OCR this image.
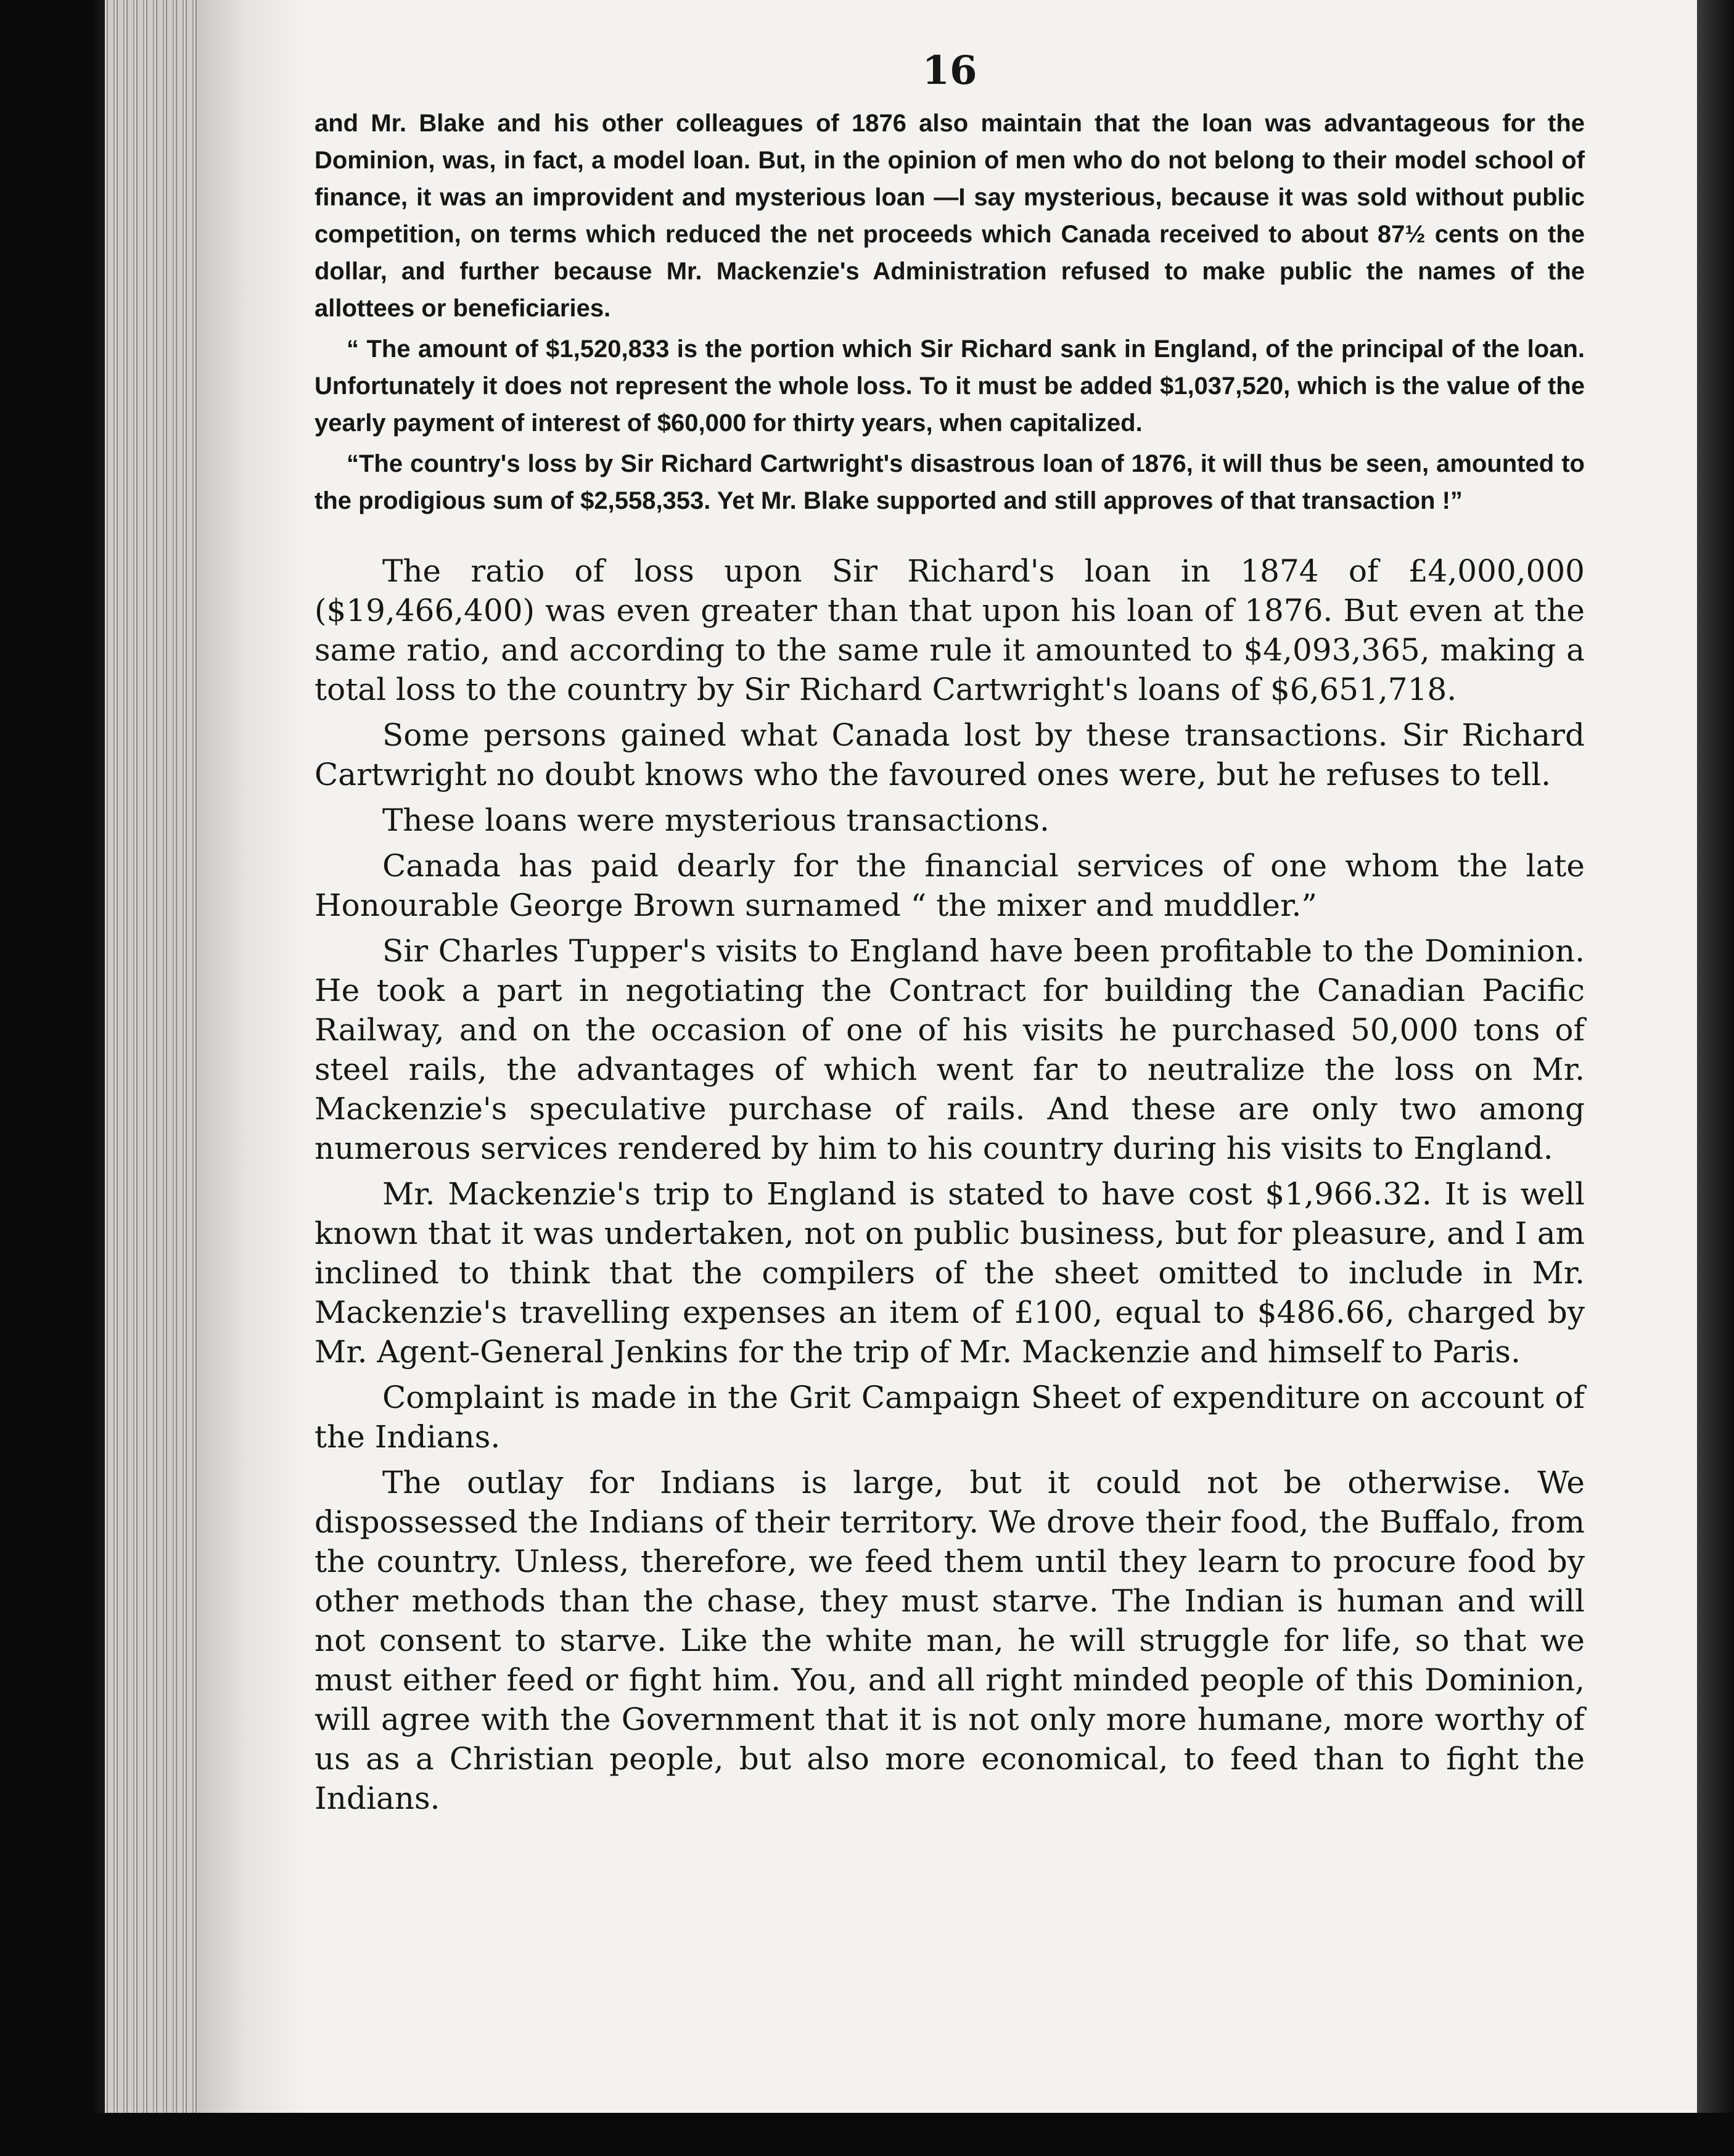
16

and Mr. Blake and his other colleagues of 1876 also maintain that the loan was advantageous for the Dominion, was, in fact, a model loan. But, in the opinion of men who do not belong to their model school of finance, it was an improvident and mysterious loan —I say mysterious, because it was sold without public competition, on terms which reduced the net proceeds which Canada received to about 87½ cents on the dollar, and further because Mr. Mackenzie's Administration refused to make public the names of the allottees or beneficiaries.

“ The amount of $1,520,833 is the portion which Sir Richard sank in England, of the principal of the loan. Unfortunately it does not represent the whole loss. To it must be added $1,037,520, which is the value of the yearly payment of interest of $60,000 for thirty years, when capitalized.

“The country's loss by Sir Richard Cartwright's disastrous loan of 1876, it will thus be seen, amounted to the prodigious sum of $2,558,353. Yet Mr. Blake supported and still approves of that transaction !”

The ratio of loss upon Sir Richard's loan in 1874 of £4,000,000 ($19,466,400) was even greater than that upon his loan of 1876. But even at the same ratio, and according to the same rule it amounted to $4,093,365, making a total loss to the country by Sir Richard Cartwright's loans of $6,651,718.

Some persons gained what Canada lost by these transactions. Sir Richard Cartwright no doubt knows who the favoured ones were, but he refuses to tell.

These loans were mysterious transactions.

Canada has paid dearly for the financial services of one whom the late Honourable George Brown surnamed “ the mixer and muddler.”

Sir Charles Tupper's visits to England have been profitable to the Dominion. He took a part in negotiating the Contract for building the Canadian Pacific Railway, and on the occasion of one of his visits he purchased 50,000 tons of steel rails, the advantages of which went far to neutralize the loss on Mr. Mackenzie's speculative purchase of rails. And these are only two among numerous services rendered by him to his country during his visits to England.

Mr. Mackenzie's trip to England is stated to have cost $1,966.32. It is well known that it was undertaken, not on public business, but for pleasure, and I am inclined to think that the compilers of the sheet omitted to include in Mr. Mackenzie's travelling expenses an item of £100, equal to $486.66, charged by Mr. Agent-General Jenkins for the trip of Mr. Mackenzie and himself to Paris.

Complaint is made in the Grit Campaign Sheet of expenditure on account of the Indians.

The outlay for Indians is large, but it could not be otherwise. We dispossessed the Indians of their territory. We drove their food, the Buffalo, from the country. Unless, therefore, we feed them until they learn to procure food by other methods than the chase, they must starve. The Indian is human and will not consent to starve. Like the white man, he will struggle for life, so that we must either feed or fight him. You, and all right minded people of this Dominion, will agree with the Government that it is not only more humane, more worthy of us as a Christian people, but also more economical, to feed than to fight the Indians.
